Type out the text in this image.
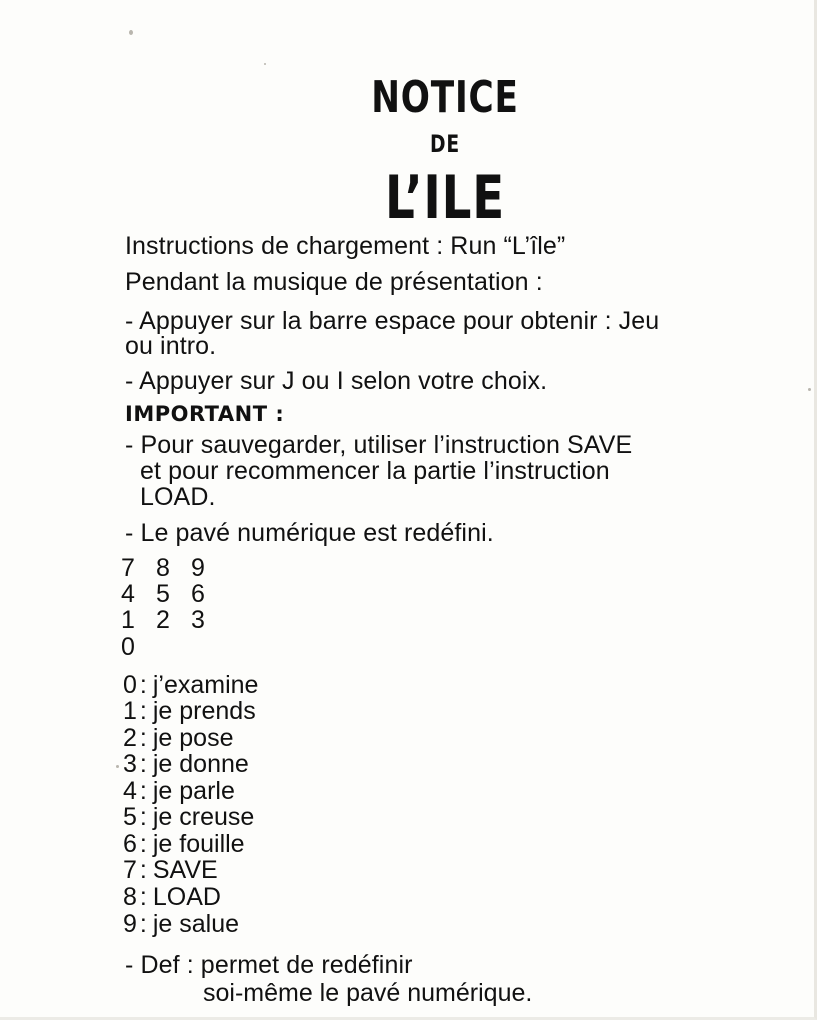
NOTICE
DE
L’ILE
Instructions de chargement : Run “L’île”
Pendant la musique de présentation :
- Appuyer sur la barre espace pour obtenir : Jeu
ou intro.
- Appuyer sur J ou I selon votre choix.
IMPORTANT :
- Pour sauvegarder, utiliser l’instruction SAVE
et pour recommencer la partie l’instruction
LOAD.
- Le pavé numérique est redéfini.
7 8 9
4 5 6
1 2 3
0
0 : j’examine
1 : je prends
2 : je pose
3 : je donne
4 : je parle
5 : je creuse
6 : je fouille
7 : SAVE
8 : LOAD
9 : je salue
- Def : permet de redéfinir
soi-même le pavé numérique.
